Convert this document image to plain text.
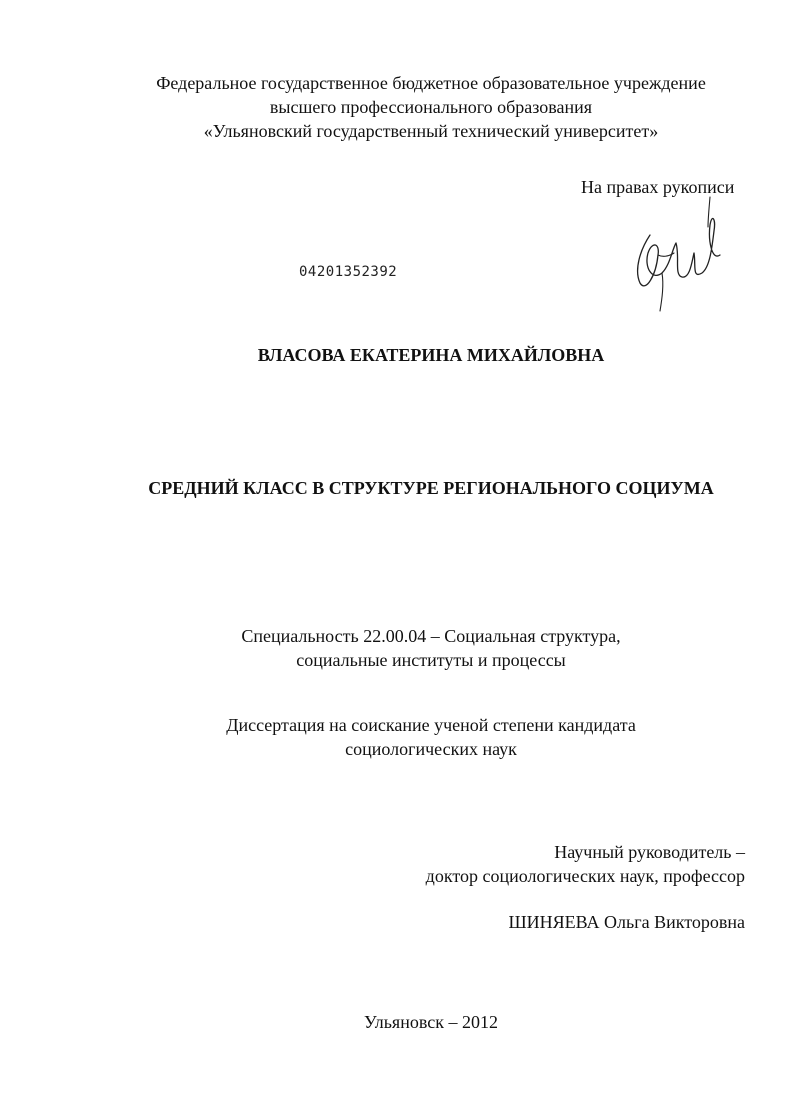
Федеральное государственное бюджетное образовательное учреждение
высшего профессионального образования
«Ульяновский государственный технический университет»
На правах рукописи
04201352392
ВЛАСОВА ЕКАТЕРИНА МИХАЙЛОВНА
СРЕДНИЙ КЛАСС В СТРУКТУРЕ РЕГИОНАЛЬНОГО СОЦИУМА
Специальность 22.00.04 – Социальная структура,
социальные институты и процессы
Диссертация на соискание ученой степени кандидата
социологических наук
Научный руководитель –
доктор социологических наук, профессор
ШИНЯЕВА Ольга Викторовна
Ульяновск – 2012
